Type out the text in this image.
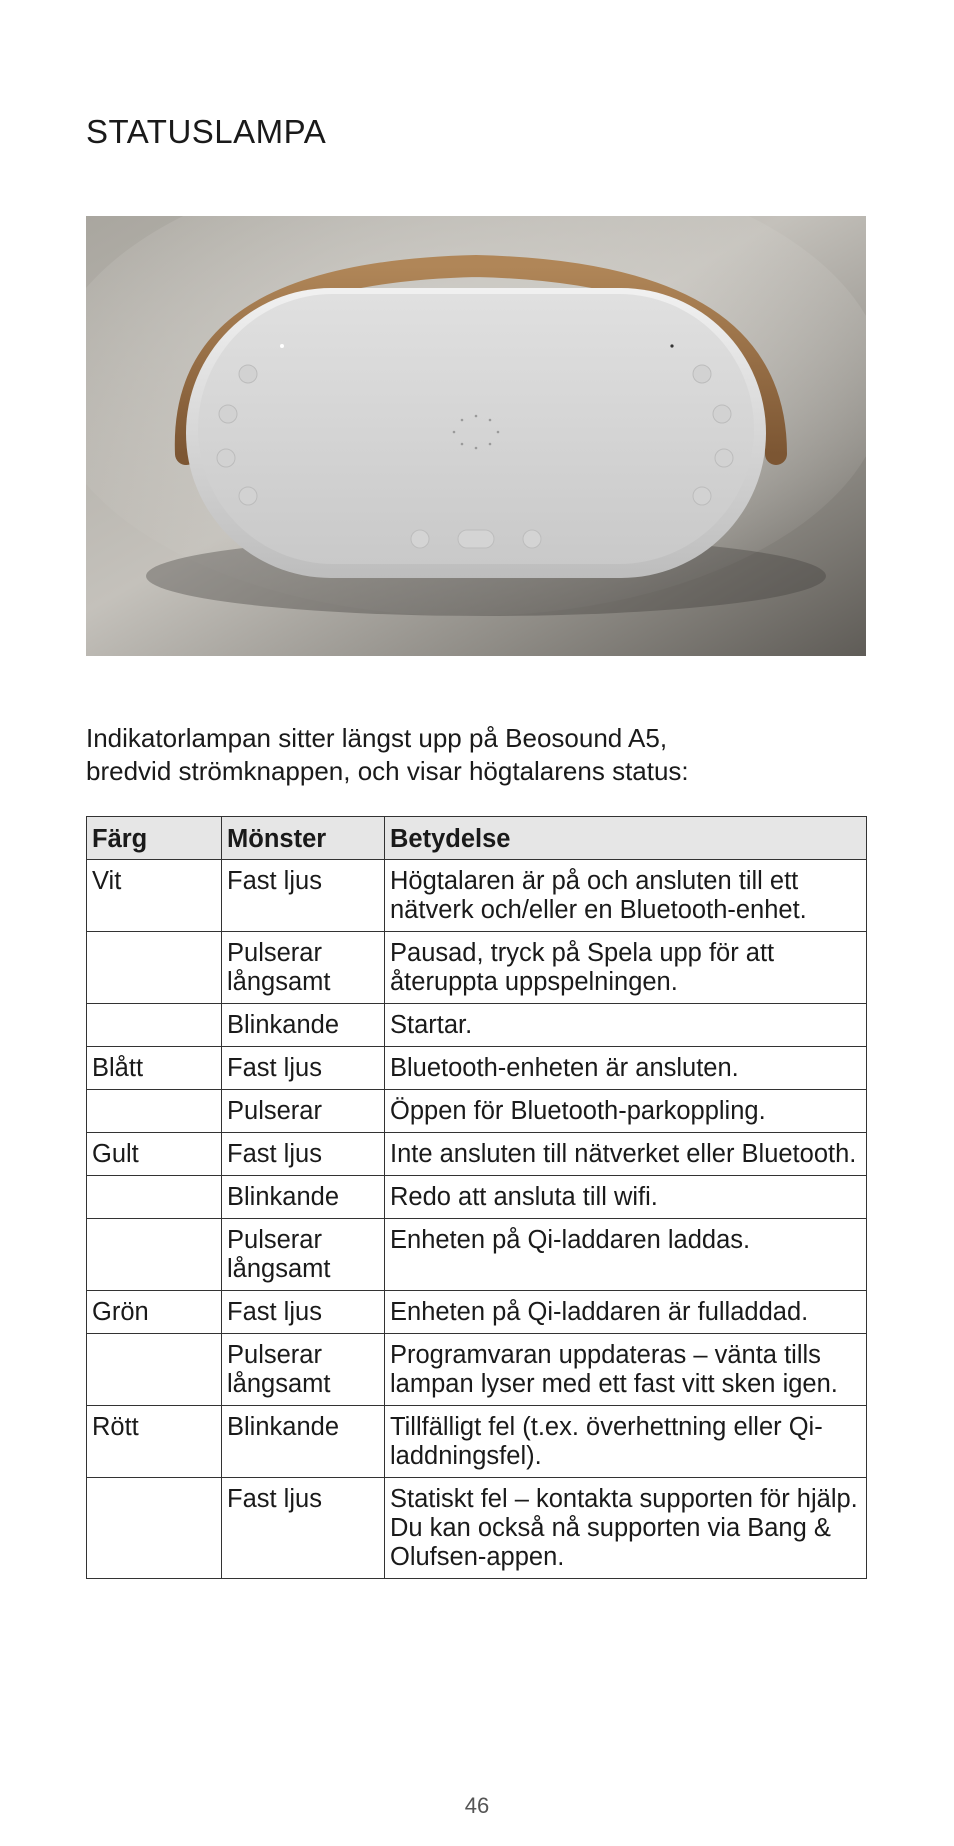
STATUSLAMPA

Indikatorlampan sitter längst upp på Beosound A5,
bredvid strömknappen, och visar högtalarens status:

Färg	Mönster	Betydelse
Vit	Fast ljus	Högtalaren är på och ansluten till ett nätverk och/eller en Bluetooth-enhet.
	Pulserar långsamt	Pausad, tryck på Spela upp för att återuppta uppspelningen.
	Blinkande	Startar.
Blått	Fast ljus	Bluetooth-enheten är ansluten.
	Pulserar	Öppen för Bluetooth-parkoppling.
Gult	Fast ljus	Inte ansluten till nätverket eller Bluetooth.
	Blinkande	Redo att ansluta till wifi.
	Pulserar långsamt	Enheten på Qi-laddaren laddas.
Grön	Fast ljus	Enheten på Qi-laddaren är fulladdad.
	Pulserar långsamt	Programvaran uppdateras – vänta tills lampan lyser med ett fast vitt sken igen.
Rött	Blinkande	Tillfälligt fel (t.ex. överhettning eller Qi-laddningsfel).
	Fast ljus	Statiskt fel – kontakta supporten för hjälp. Du kan också nå supporten via Bang & Olufsen-appen.
46
